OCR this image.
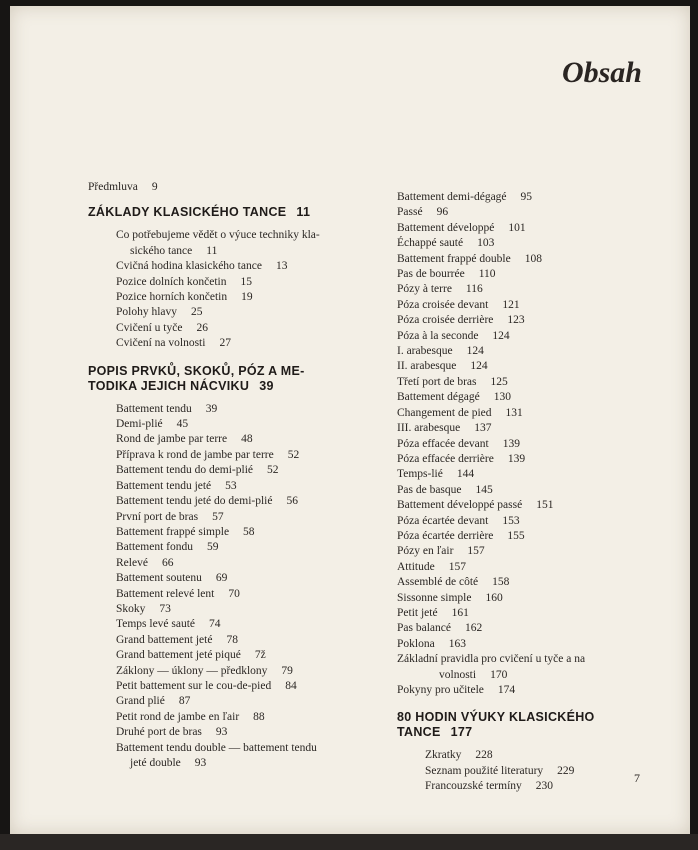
Obsah
Předmluva 9
ZÁKLADY KLASICKÉHO TANCE 11
Co potřebujeme vědět o výuce techniky kla-
sického tance 11
Cvičná hodina klasického tance 13
Pozice dolních končetin 15
Pozice horních končetin 19
Polohy hlavy 25
Cvičení u tyče 26
Cvičení na volnosti 27
POPIS PRVKŮ, SKOKŮ, PÓZ A ME-
TODIKA JEJICH NÁCVIKU 39
Battement tendu 39
Demi-plié 45
Rond de jambe par terre 48
Příprava k rond de jambe par terre 52
Battement tendu do demi-plié 52
Battement tendu jeté 53
Battement tendu jeté do demi-plié 56
První port de bras 57
Battement frappé simple 58
Battement fondu 59
Relevé 66
Battement soutenu 69
Battement relevé lent 70
Skoky 73
Temps levé sauté 74
Grand battement jeté 78
Grand battement jeté piqué 7ž
Záklony — úklony — předklony 79
Petit battement sur le cou-de-pied 84
Grand plié 87
Petit rond de jambe en ľair 88
Druhé port de bras 93
Battement tendu double — battement tendu
jeté double 93
Battement demi-dégagé 95
Passé 96
Battement développé 101
Échappé sauté 103
Battement frappé double 108
Pas de bourrée 110
Pózy à terre 116
Póza croisée devant 121
Póza croisée derrière 123
Póza à la seconde 124
I. arabesque 124
II. arabesque 124
Třetí port de bras 125
Battement dégagé 130
Changement de pied 131
III. arabesque 137
Póza effacée devant 139
Póza effacée derrière 139
Temps-lié 144
Pas de basque 145
Battement développé passé 151
Póza écartée devant 153
Póza écartée derrière 155
Pózy en ľair 157
Attitude 157
Assemblé de côté 158
Sissonne simple 160
Petit jeté 161
Pas balancé 162
Poklona 163
Základní pravidla pro cvičení u tyče a na
volnosti 170
Pokyny pro učitele 174
80 HODIN VÝUKY KLASICKÉHO
TANCE 177
Zkratky 228
Seznam použité literatury 229
Francouzské termíny 230
7
